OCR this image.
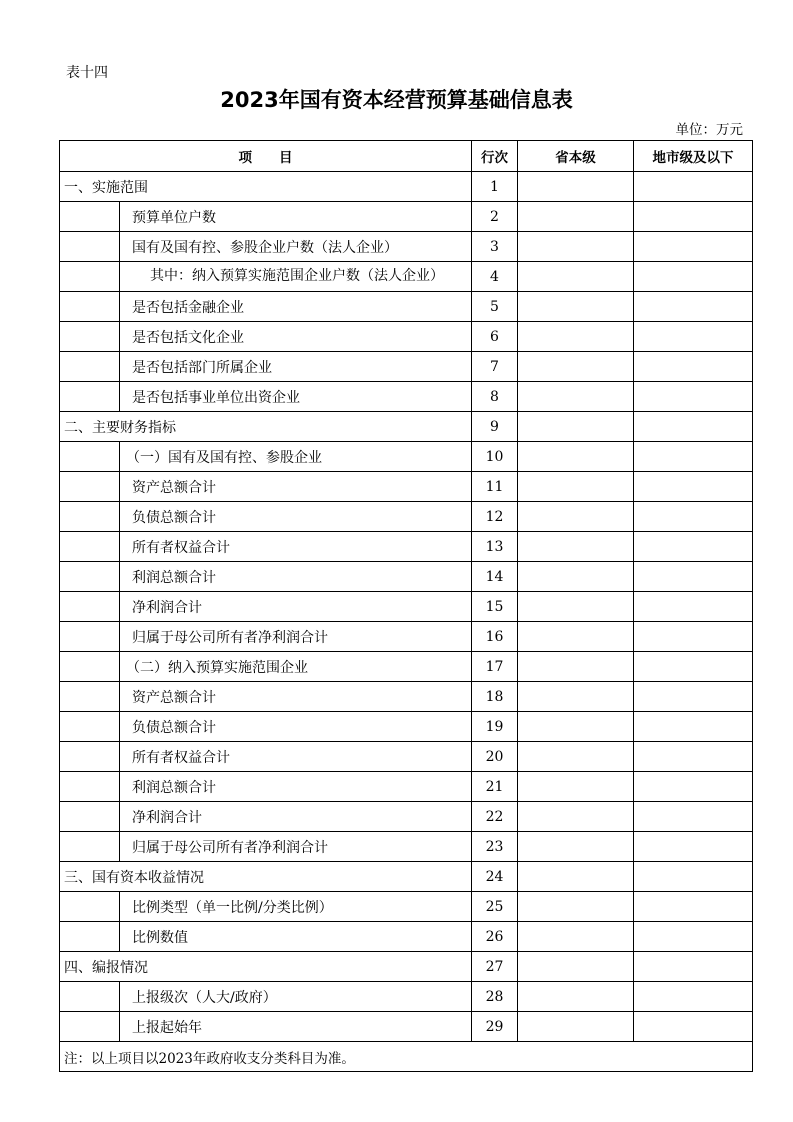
表十四
2023年国有资本经营预算基础信息表
单位：万元
项　　目		行次	省本级	地市级及以下
一、实施范围		1		
	预算单位户数	2		
	国有及国有控、参股企业户数（法人企业）	3		

	其中：纳入预算实施范围企业户数（法人企业）	4		
	是否包括金融企业	5		
	是否包括文化企业	6		
	是否包括部门所属企业	7		
	是否包括事业单位出资企业	8		
二、主要财务指标		9		
	（一）国有及国有控、参股企业	10		
	资产总额合计	11		
	负债总额合计	12		
	所有者权益合计	13		
	利润总额合计	14		
	净利润合计	15		
	归属于母公司所有者净利润合计	16		
	（二）纳入预算实施范围企业	17		
	资产总额合计	18		
	负债总额合计	19		
	所有者权益合计	20		
	利润总额合计	21		
	净利润合计	22		
	归属于母公司所有者净利润合计	23		
三、国有资本收益情况		24		
	比例类型（单一比例/分类比例）	25		
	比例数值	26		
四、编报情况		27		
	上报级次（人大/政府）	28		
	上报起始年	29		
注：以上项目以2023年政府收支分类科目为准。				
